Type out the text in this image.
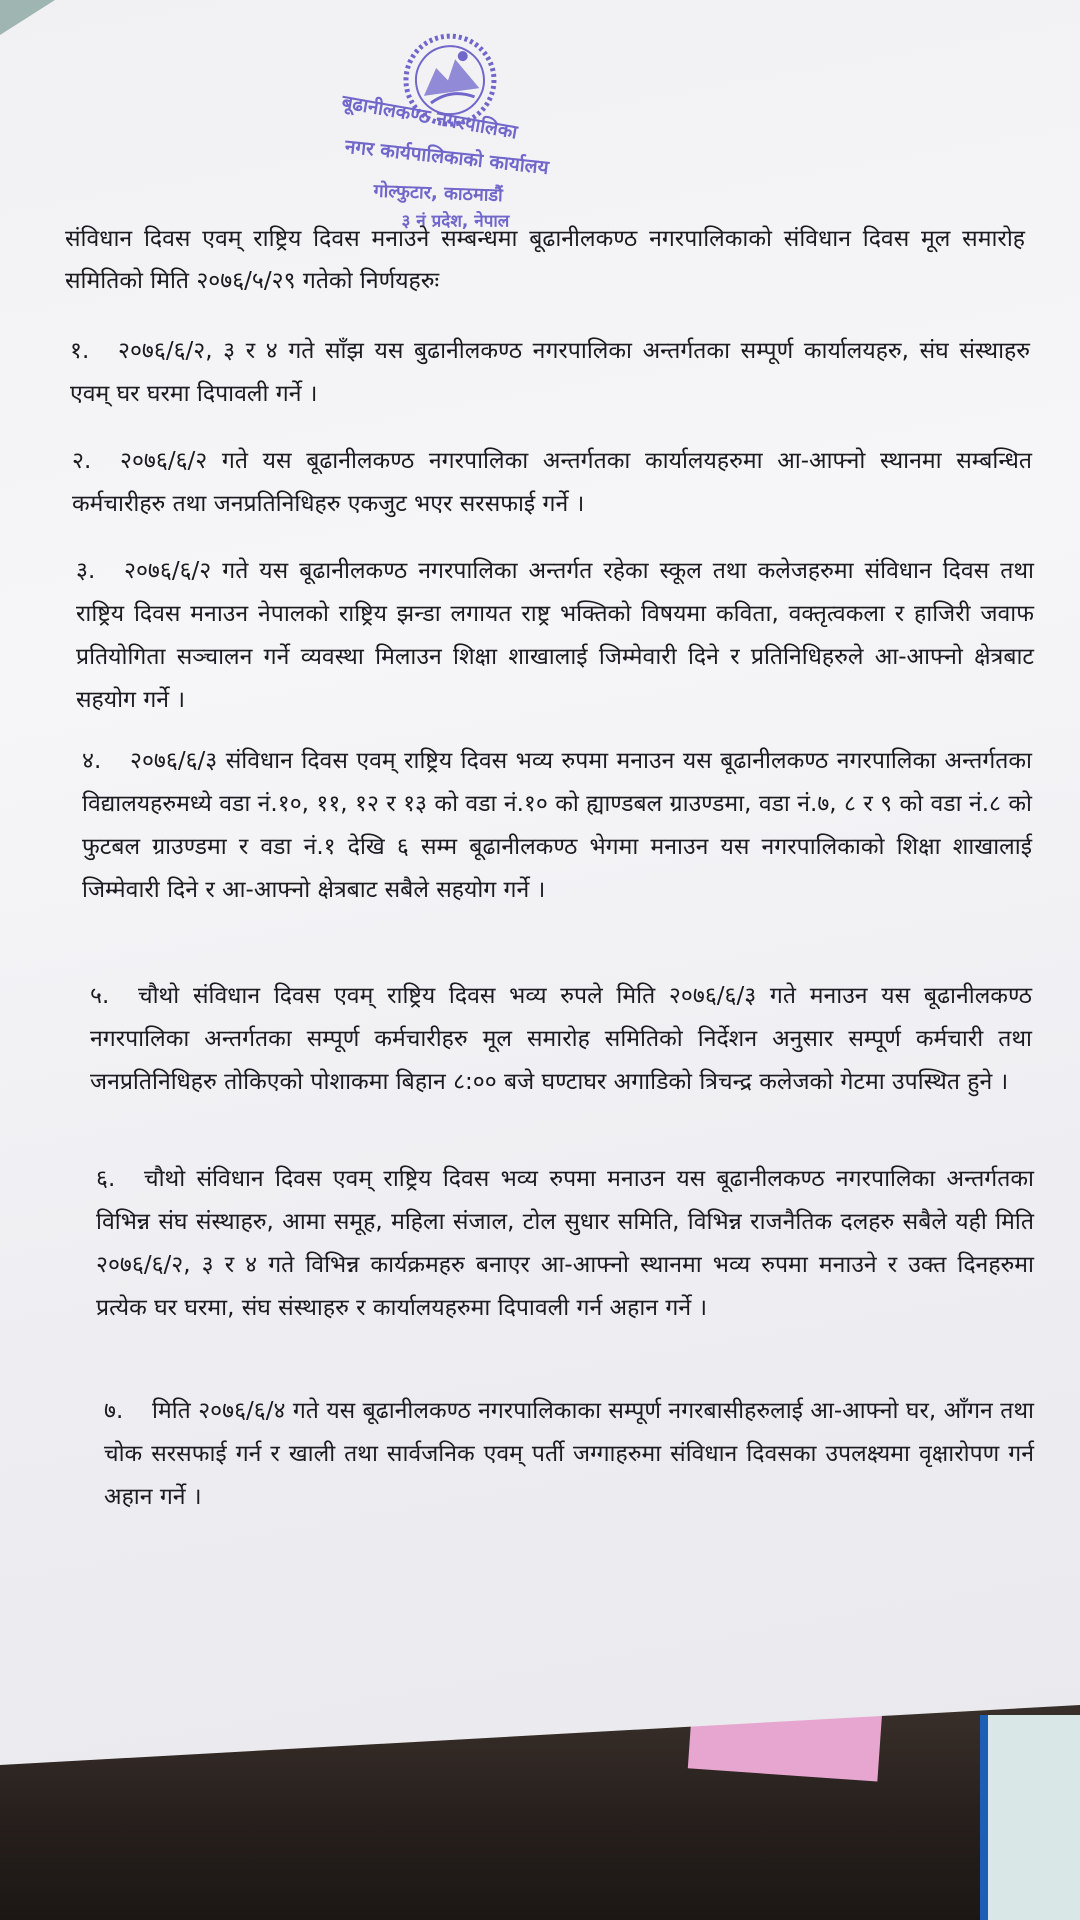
बूढानीलकण्ठ नगरपालिका
नगर कार्यपालिकाको कार्यालय
गोल्फुटार, काठमाडौं
३ नं प्रदेश, नेपाल
संविधान दिवस एवम् राष्ट्रिय दिवस मनाउने सम्बन्धमा बूढानीलकण्ठ नगरपालिकाको संविधान दिवस मूल समारोह समितिको मिति २०७६/५/२९ गतेको निर्णयहरुः
१. २०७६/६/२, ३ र ४ गते साँझ यस बुढानीलकण्ठ नगरपालिका अन्तर्गतका सम्पूर्ण कार्यालयहरु, संघ संस्थाहरु एवम् घर घरमा दिपावली गर्ने ।
२. २०७६/६/२ गते यस बूढानीलकण्ठ नगरपालिका अन्तर्गतका कार्यालयहरुमा आ-आफ्नो स्थानमा सम्बन्धित कर्मचारीहरु तथा जनप्रतिनिधिहरु एकजुट भएर सरसफाई गर्ने ।
३. २०७६/६/२ गते यस बूढानीलकण्ठ नगरपालिका अन्तर्गत रहेका स्कूल तथा कलेजहरुमा संविधान दिवस तथा राष्ट्रिय दिवस मनाउन नेपालको राष्ट्रिय झन्डा लगायत राष्ट्र भक्तिको विषयमा कविता, वक्तृत्वकला र हाजिरी जवाफ प्रतियोगिता सञ्चालन गर्ने व्यवस्था मिलाउन शिक्षा शाखालाई जिम्मेवारी दिने र प्रतिनिधिहरुले आ-आफ्नो क्षेत्रबाट सहयोग गर्ने ।
४. २०७६/६/३ संविधान दिवस एवम् राष्ट्रिय दिवस भव्य रुपमा मनाउन यस बूढानीलकण्ठ नगरपालिका अन्तर्गतका विद्यालयहरुमध्ये वडा नं.१०, ११, १२ र १३ को वडा नं.१० को ह्याण्डबल ग्राउण्डमा, वडा नं.७, ८ र ९ को वडा नं.८ को फुटबल ग्राउण्डमा र वडा नं.१ देखि ६ सम्म बूढानीलकण्ठ भेगमा मनाउन यस नगरपालिकाको शिक्षा शाखालाई जिम्मेवारी दिने र आ-आफ्नो क्षेत्रबाट सबैले सहयोग गर्ने ।
५. चौथो संविधान दिवस एवम् राष्ट्रिय दिवस भव्य रुपले मिति २०७६/६/३ गते मनाउन यस बूढानीलकण्ठ नगरपालिका अन्तर्गतका सम्पूर्ण कर्मचारीहरु मूल समारोह समितिको निर्देशन अनुसार सम्पूर्ण कर्मचारी तथा जनप्रतिनिधिहरु तोकिएको पोशाकमा बिहान ८:०० बजे घण्टाघर अगाडिको त्रिचन्द्र कलेजको गेटमा उपस्थित हुने ।
६. चौथो संविधान दिवस एवम् राष्ट्रिय दिवस भव्य रुपमा मनाउन यस बूढानीलकण्ठ नगरपालिका अन्तर्गतका विभिन्न संघ संस्थाहरु, आमा समूह, महिला संजाल, टोल सुधार समिति, विभिन्न राजनैतिक दलहरु सबैले यही मिति २०७६/६/२, ३ र ४ गते विभिन्न कार्यक्रमहरु बनाएर आ-आफ्नो स्थानमा भव्य रुपमा मनाउने र उक्त दिनहरुमा प्रत्येक घर घरमा, संघ संस्थाहरु र कार्यालयहरुमा दिपावली गर्न अहान गर्ने ।
७. मिति २०७६/६/४ गते यस बूढानीलकण्ठ नगरपालिकाका सम्पूर्ण नगरबासीहरुलाई आ-आफ्नो घर, आँगन तथा चोक सरसफाई गर्न र खाली तथा सार्वजनिक एवम् पर्ती जग्गाहरुमा संविधान दिवसका उपलक्ष्यमा वृक्षारोपण गर्न अहान गर्ने ।
